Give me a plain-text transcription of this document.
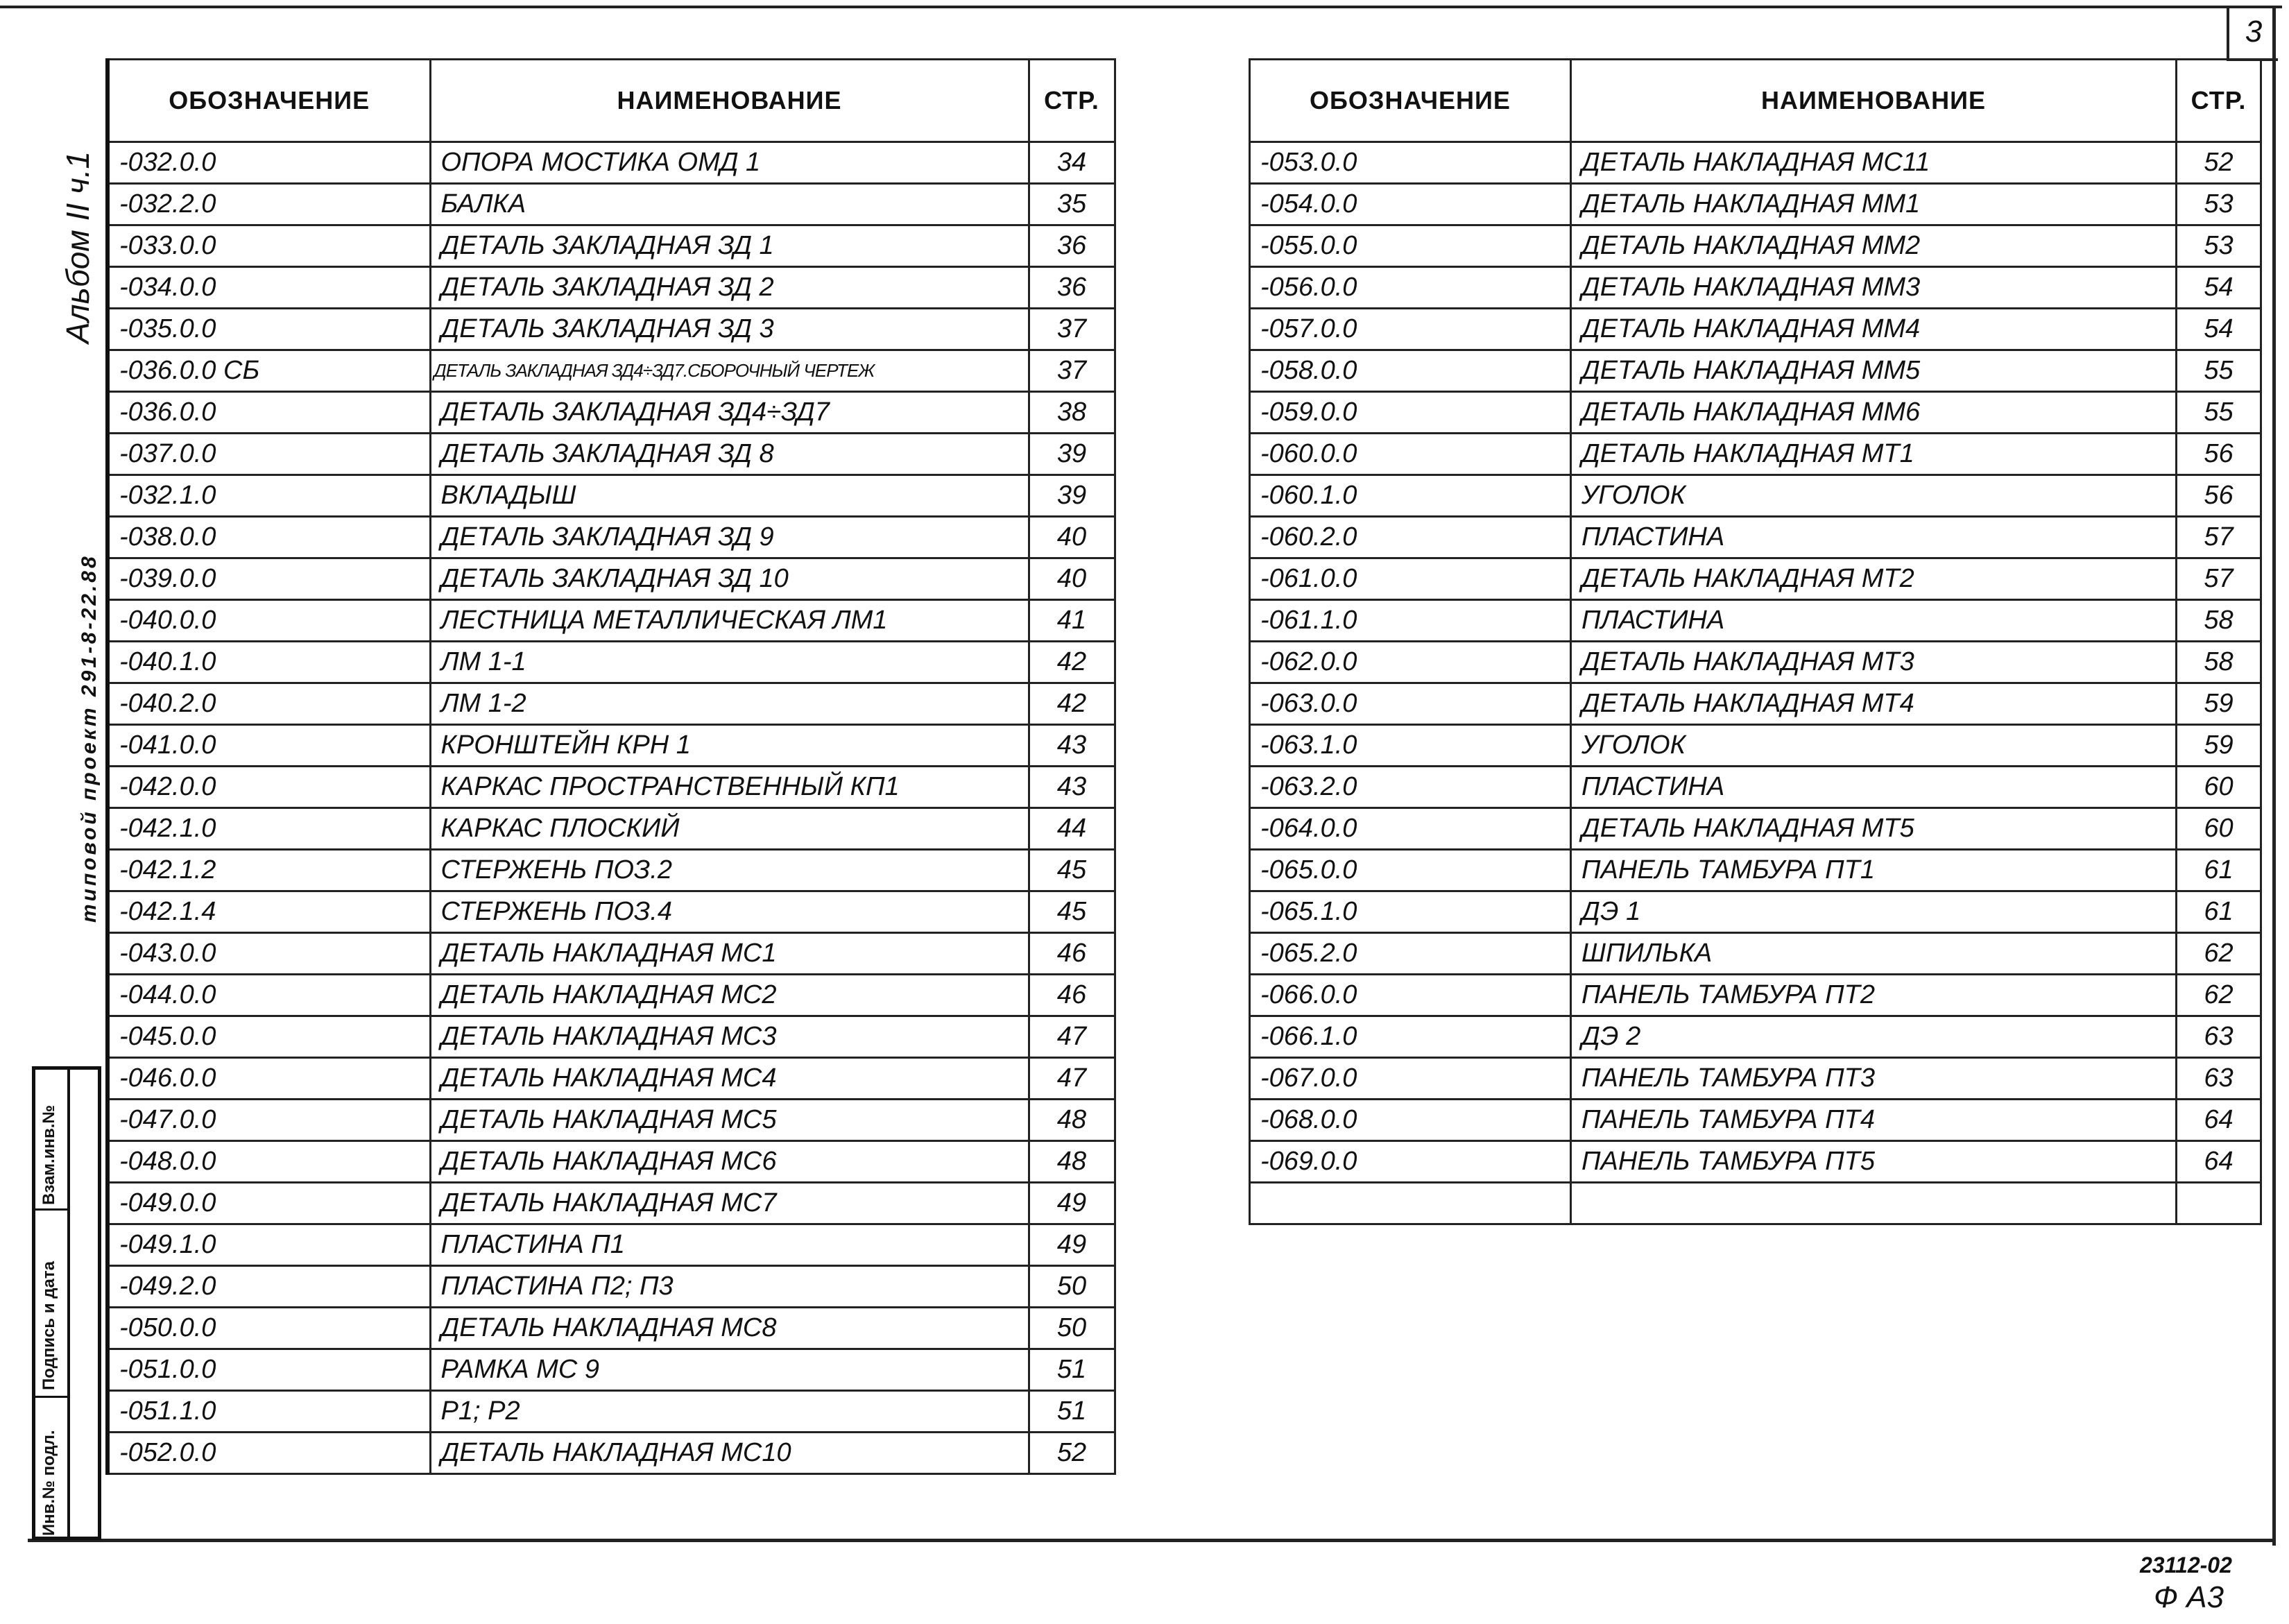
3
Альбом II ч.1
типовой проект 291-8-22.88
Взам.инв.№
Подпись и дата
Инв.№ подл.
ОБОЗНАЧЕНИЕ	НАИМЕНОВАНИЕ	СТР.
-032.0.0	ОПОРА МОСТИКА ОМД 1	34
-032.2.0	БАЛКА	35
-033.0.0	ДЕТАЛЬ ЗАКЛАДНАЯ ЗД 1	36
-034.0.0	ДЕТАЛЬ ЗАКЛАДНАЯ ЗД 2	36
-035.0.0	ДЕТАЛЬ ЗАКЛАДНАЯ ЗД 3	37
-036.0.0 СБ	ДЕТАЛЬ ЗАКЛАДНАЯ ЗД4÷ЗД7.СБОРОЧНЫЙ ЧЕРТЕЖ	37
-036.0.0	ДЕТАЛЬ ЗАКЛАДНАЯ ЗД4÷ЗД7	38
-037.0.0	ДЕТАЛЬ ЗАКЛАДНАЯ ЗД 8	39
-032.1.0	ВКЛАДЫШ	39
-038.0.0	ДЕТАЛЬ ЗАКЛАДНАЯ ЗД 9	40
-039.0.0	ДЕТАЛЬ ЗАКЛАДНАЯ ЗД 10	40
-040.0.0	ЛЕСТНИЦА МЕТАЛЛИЧЕСКАЯ ЛМ1	41
-040.1.0	ЛМ 1-1	42
-040.2.0	ЛМ 1-2	42
-041.0.0	КРОНШТЕЙН КРН 1	43
-042.0.0	КАРКАС ПРОСТРАНСТВЕННЫЙ КП1	43
-042.1.0	КАРКАС ПЛОСКИЙ	44
-042.1.2	СТЕРЖЕНЬ ПОЗ.2	45
-042.1.4	СТЕРЖЕНЬ ПОЗ.4	45
-043.0.0	ДЕТАЛЬ НАКЛАДНАЯ МС1	46
-044.0.0	ДЕТАЛЬ НАКЛАДНАЯ МС2	46
-045.0.0	ДЕТАЛЬ НАКЛАДНАЯ МС3	47
-046.0.0	ДЕТАЛЬ НАКЛАДНАЯ МС4	47
-047.0.0	ДЕТАЛЬ НАКЛАДНАЯ МС5	48
-048.0.0	ДЕТАЛЬ НАКЛАДНАЯ МС6	48
-049.0.0	ДЕТАЛЬ НАКЛАДНАЯ МС7	49
-049.1.0	ПЛАСТИНА П1	49
-049.2.0	ПЛАСТИНА П2; П3	50
-050.0.0	ДЕТАЛЬ НАКЛАДНАЯ МС8	50
-051.0.0	РАМКА МС 9	51
-051.1.0	Р1; Р2	51
-052.0.0	ДЕТАЛЬ НАКЛАДНАЯ МС10	52
ОБОЗНАЧЕНИЕ	НАИМЕНОВАНИЕ	СТР.
-053.0.0	ДЕТАЛЬ НАКЛАДНАЯ МС11	52
-054.0.0	ДЕТАЛЬ НАКЛАДНАЯ ММ1	53
-055.0.0	ДЕТАЛЬ НАКЛАДНАЯ ММ2	53
-056.0.0	ДЕТАЛЬ НАКЛАДНАЯ ММ3	54
-057.0.0	ДЕТАЛЬ НАКЛАДНАЯ ММ4	54
-058.0.0	ДЕТАЛЬ НАКЛАДНАЯ ММ5	55
-059.0.0	ДЕТАЛЬ НАКЛАДНАЯ ММ6	55
-060.0.0	ДЕТАЛЬ НАКЛАДНАЯ МТ1	56
-060.1.0	УГОЛОК	56
-060.2.0	ПЛАСТИНА	57
-061.0.0	ДЕТАЛЬ НАКЛАДНАЯ МТ2	57
-061.1.0	ПЛАСТИНА	58
-062.0.0	ДЕТАЛЬ НАКЛАДНАЯ МТ3	58
-063.0.0	ДЕТАЛЬ НАКЛАДНАЯ МТ4	59
-063.1.0	УГОЛОК	59
-063.2.0	ПЛАСТИНА	60
-064.0.0	ДЕТАЛЬ НАКЛАДНАЯ МТ5	60
-065.0.0	ПАНЕЛЬ ТАМБУРА ПТ1	61
-065.1.0	ДЭ 1	61
-065.2.0	ШПИЛЬКА	62
-066.0.0	ПАНЕЛЬ ТАМБУРА ПТ2	62
-066.1.0	ДЭ 2	63
-067.0.0	ПАНЕЛЬ ТАМБУРА ПТ3	63
-068.0.0	ПАНЕЛЬ ТАМБУРА ПТ4	64
-069.0.0	ПАНЕЛЬ ТАМБУРА ПТ5	64

23112-02
Ф А3
